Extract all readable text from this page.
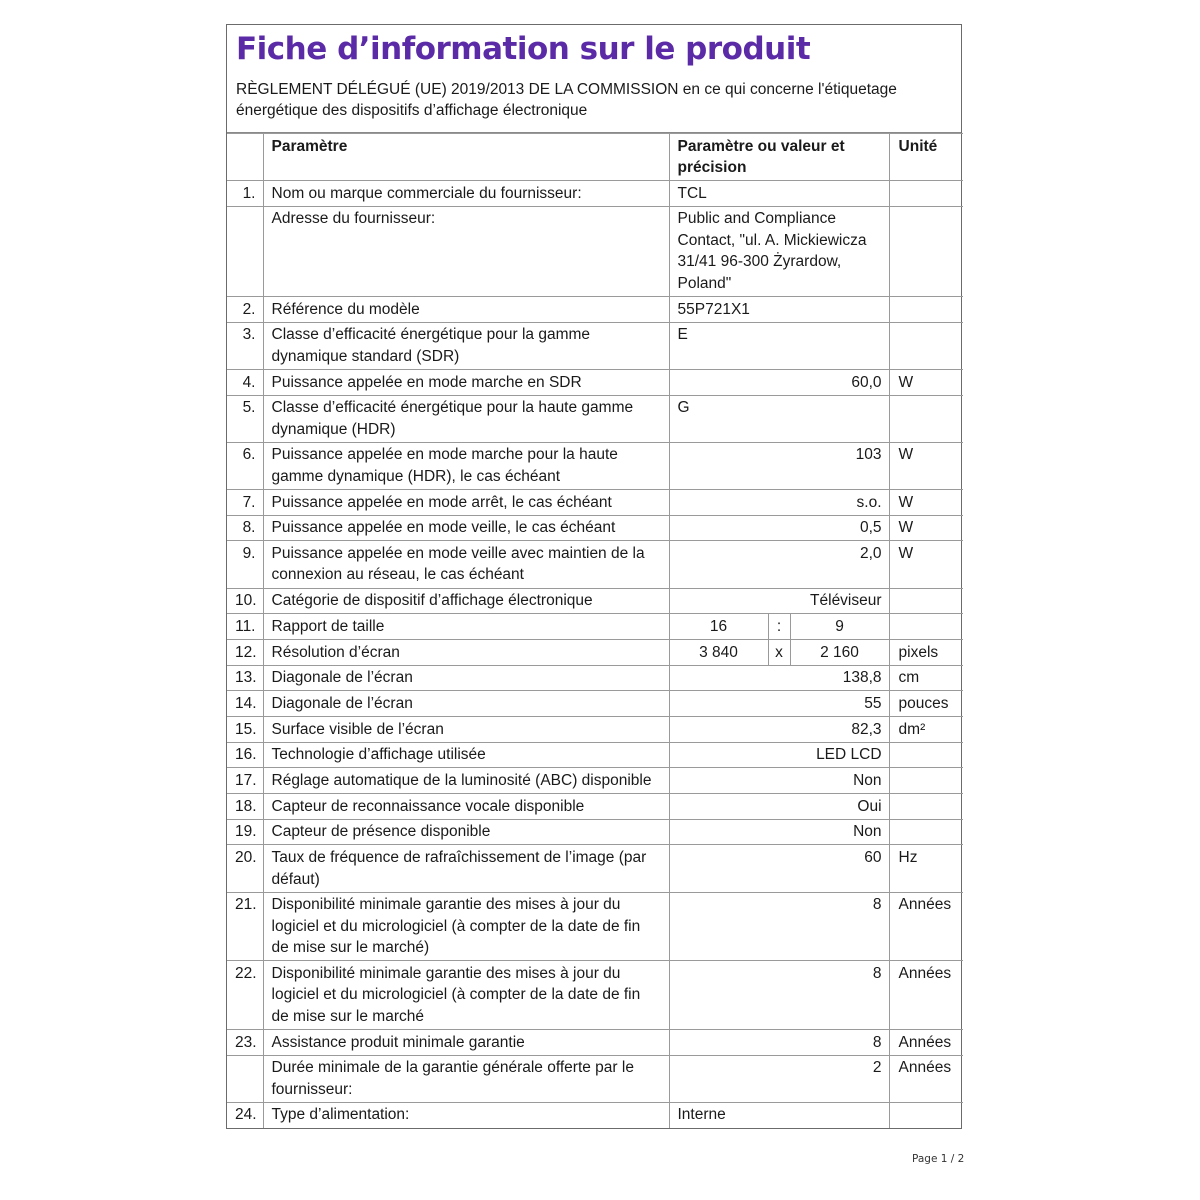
Fiche d’information sur le produit
RÈGLEMENT DÉLÉGUÉ (UE) 2019/2013 DE LA COMMISSION en ce qui concerne l'étiquetage énergétique des dispositifs d’affichage électronique
	Paramètre	Paramètre ou valeur et précision			Unité
1.	Nom ou marque commerciale du fournisseur:	TCL			
	Adresse du fournisseur:	Public and Compliance Contact, "ul. A. Mickiewicza 31/41 96-300 Żyrardow, Poland"			
2.	Référence du modèle	55P721X1			
3.	Classe d’efficacité énergétique pour la gamme dynamique standard (SDR)	E			
4.	Puissance appelée en mode marche en SDR	60,0			W
5.	Classe d’efficacité énergétique pour la haute gamme dynamique (HDR)	G			
6.	Puissance appelée en mode marche pour la haute gamme dynamique (HDR), le cas échéant	103			W
7.	Puissance appelée en mode arrêt, le cas échéant	s.o.			W
8.	Puissance appelée en mode veille, le cas échéant	0,5			W
9.	Puissance appelée en mode veille avec maintien de la connexion au réseau, le cas échéant	2,0			W
10.	Catégorie de dispositif d’affichage électronique	Téléviseur			
11.	Rapport de taille	16	:	9	
12.	Résolution d’écran	3 840	x	2 160	pixels
13.	Diagonale de l’écran	138,8			cm
14.	Diagonale de l’écran	55			pouces
15.	Surface visible de l’écran	82,3			dm²
16.	Technologie d’affichage utilisée	LED LCD			
17.	Réglage automatique de la luminosité (ABC) disponible	Non			
18.	Capteur de reconnaissance vocale disponible	Oui			
19.	Capteur de présence disponible	Non			
20.	Taux de fréquence de rafraîchissement de l’image (par défaut)	60			Hz
21.	Disponibilité minimale garantie des mises à jour du logiciel et du micrologiciel (à compter de la date de fin de mise sur le marché)	8			Années
22.	Disponibilité minimale garantie des mises à jour du logiciel et du micrologiciel (à compter de la date de fin de mise sur le marché	8			Années
23.	Assistance produit minimale garantie	8			Années
	Durée minimale de la garantie générale offerte par le fournisseur:	2			Années
24.	Type d’alimentation:	Interne			
Page 1 / 2
